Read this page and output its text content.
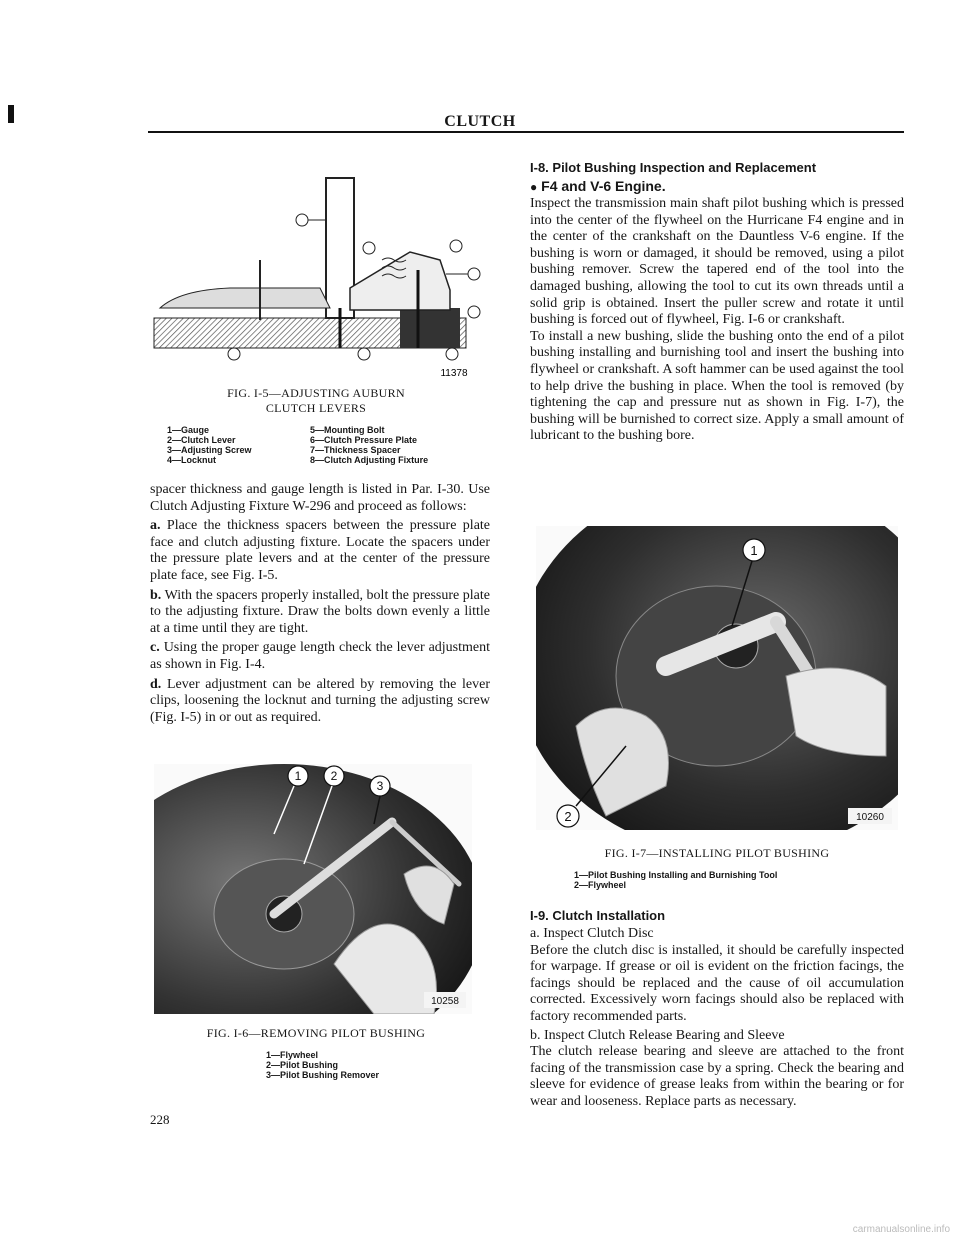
CLUTCH
11378
FIG. I-5—ADJUSTING AUBURN
CLUTCH LEVERS
1—Gauge
2—Clutch Lever
3—Adjusting Screw
4—Locknut
5—Mounting Bolt
6—Clutch Pressure Plate
7—Thickness Spacer
8—Clutch Adjusting Fixture
spacer thickness and gauge length is listed in Par. I-30. Use Clutch Adjusting Fixture W-296 and proceed as follows:
a. Place the thickness spacers between the pressure plate face and clutch adjusting fixture. Locate the spacers under the pressure plate levers and at the center of the pressure plate face, see Fig. I-5.
b. With the spacers properly installed, bolt the pressure plate to the adjusting fixture. Draw the bolts down evenly a little at a time until they are tight.
c. Using the proper gauge length check the lever adjustment as shown in Fig. I-4.
d. Lever adjustment can be altered by removing the lever clips, loosening the locknut and turning the adjusting screw (Fig. I-5) in or out as required.

1 2
3
10258
FIG. I-6—REMOVING PILOT BUSHING
1—Flywheel
2—Pilot Bushing
3—Pilot Bushing Remover
I-8. Pilot Bushing Inspection and Replacement
● F4 and V-6 Engine.
Inspect the transmission main shaft pilot bushing which is pressed into the center of the flywheel on the Hurricane F4 engine and in the center of the crankshaft on the Dauntless V-6 engine. If the bushing is worn or damaged, it should be removed, using a pilot bushing remover. Screw the tapered end of the tool into the damaged bushing, allowing the tool to cut its own threads until a solid grip is obtained. Insert the puller screw and rotate it until bushing is forced out of flywheel, Fig. I-6 or crankshaft.
To install a new bushing, slide the bushing onto the end of a pilot bushing installing and burnishing tool and insert the bushing into flywheel or crankshaft. A soft hammer can be used against the tool to help drive the bushing in place. When the tool is removed (by tightening the cap and pressure nut as shown in Fig. I-7), the bushing will be burnished to correct size. Apply a small amount of lubricant to the bushing bore.
1
2	10260
FIG. I-7—INSTALLING PILOT BUSHING
1—Pilot Bushing Installing and Burnishing Tool
2—Flywheel
I-9. Clutch Installation
a. Inspect Clutch Disc
Before the clutch disc is installed, it should be carefully inspected for warpage. If grease or oil is evident on the friction facings, the facings should be replaced and the cause of oil accumulation corrected. Excessively worn facings should also be replaced with factory recommended parts.
b. Inspect Clutch Release Bearing and Sleeve
The clutch release bearing and sleeve are attached to the front facing of the transmission case by a spring. Check the bearing and sleeve for evidence of grease leaks from within the bearing or for wear and looseness. Replace parts as necessary.
228
carmanualsonline.info
